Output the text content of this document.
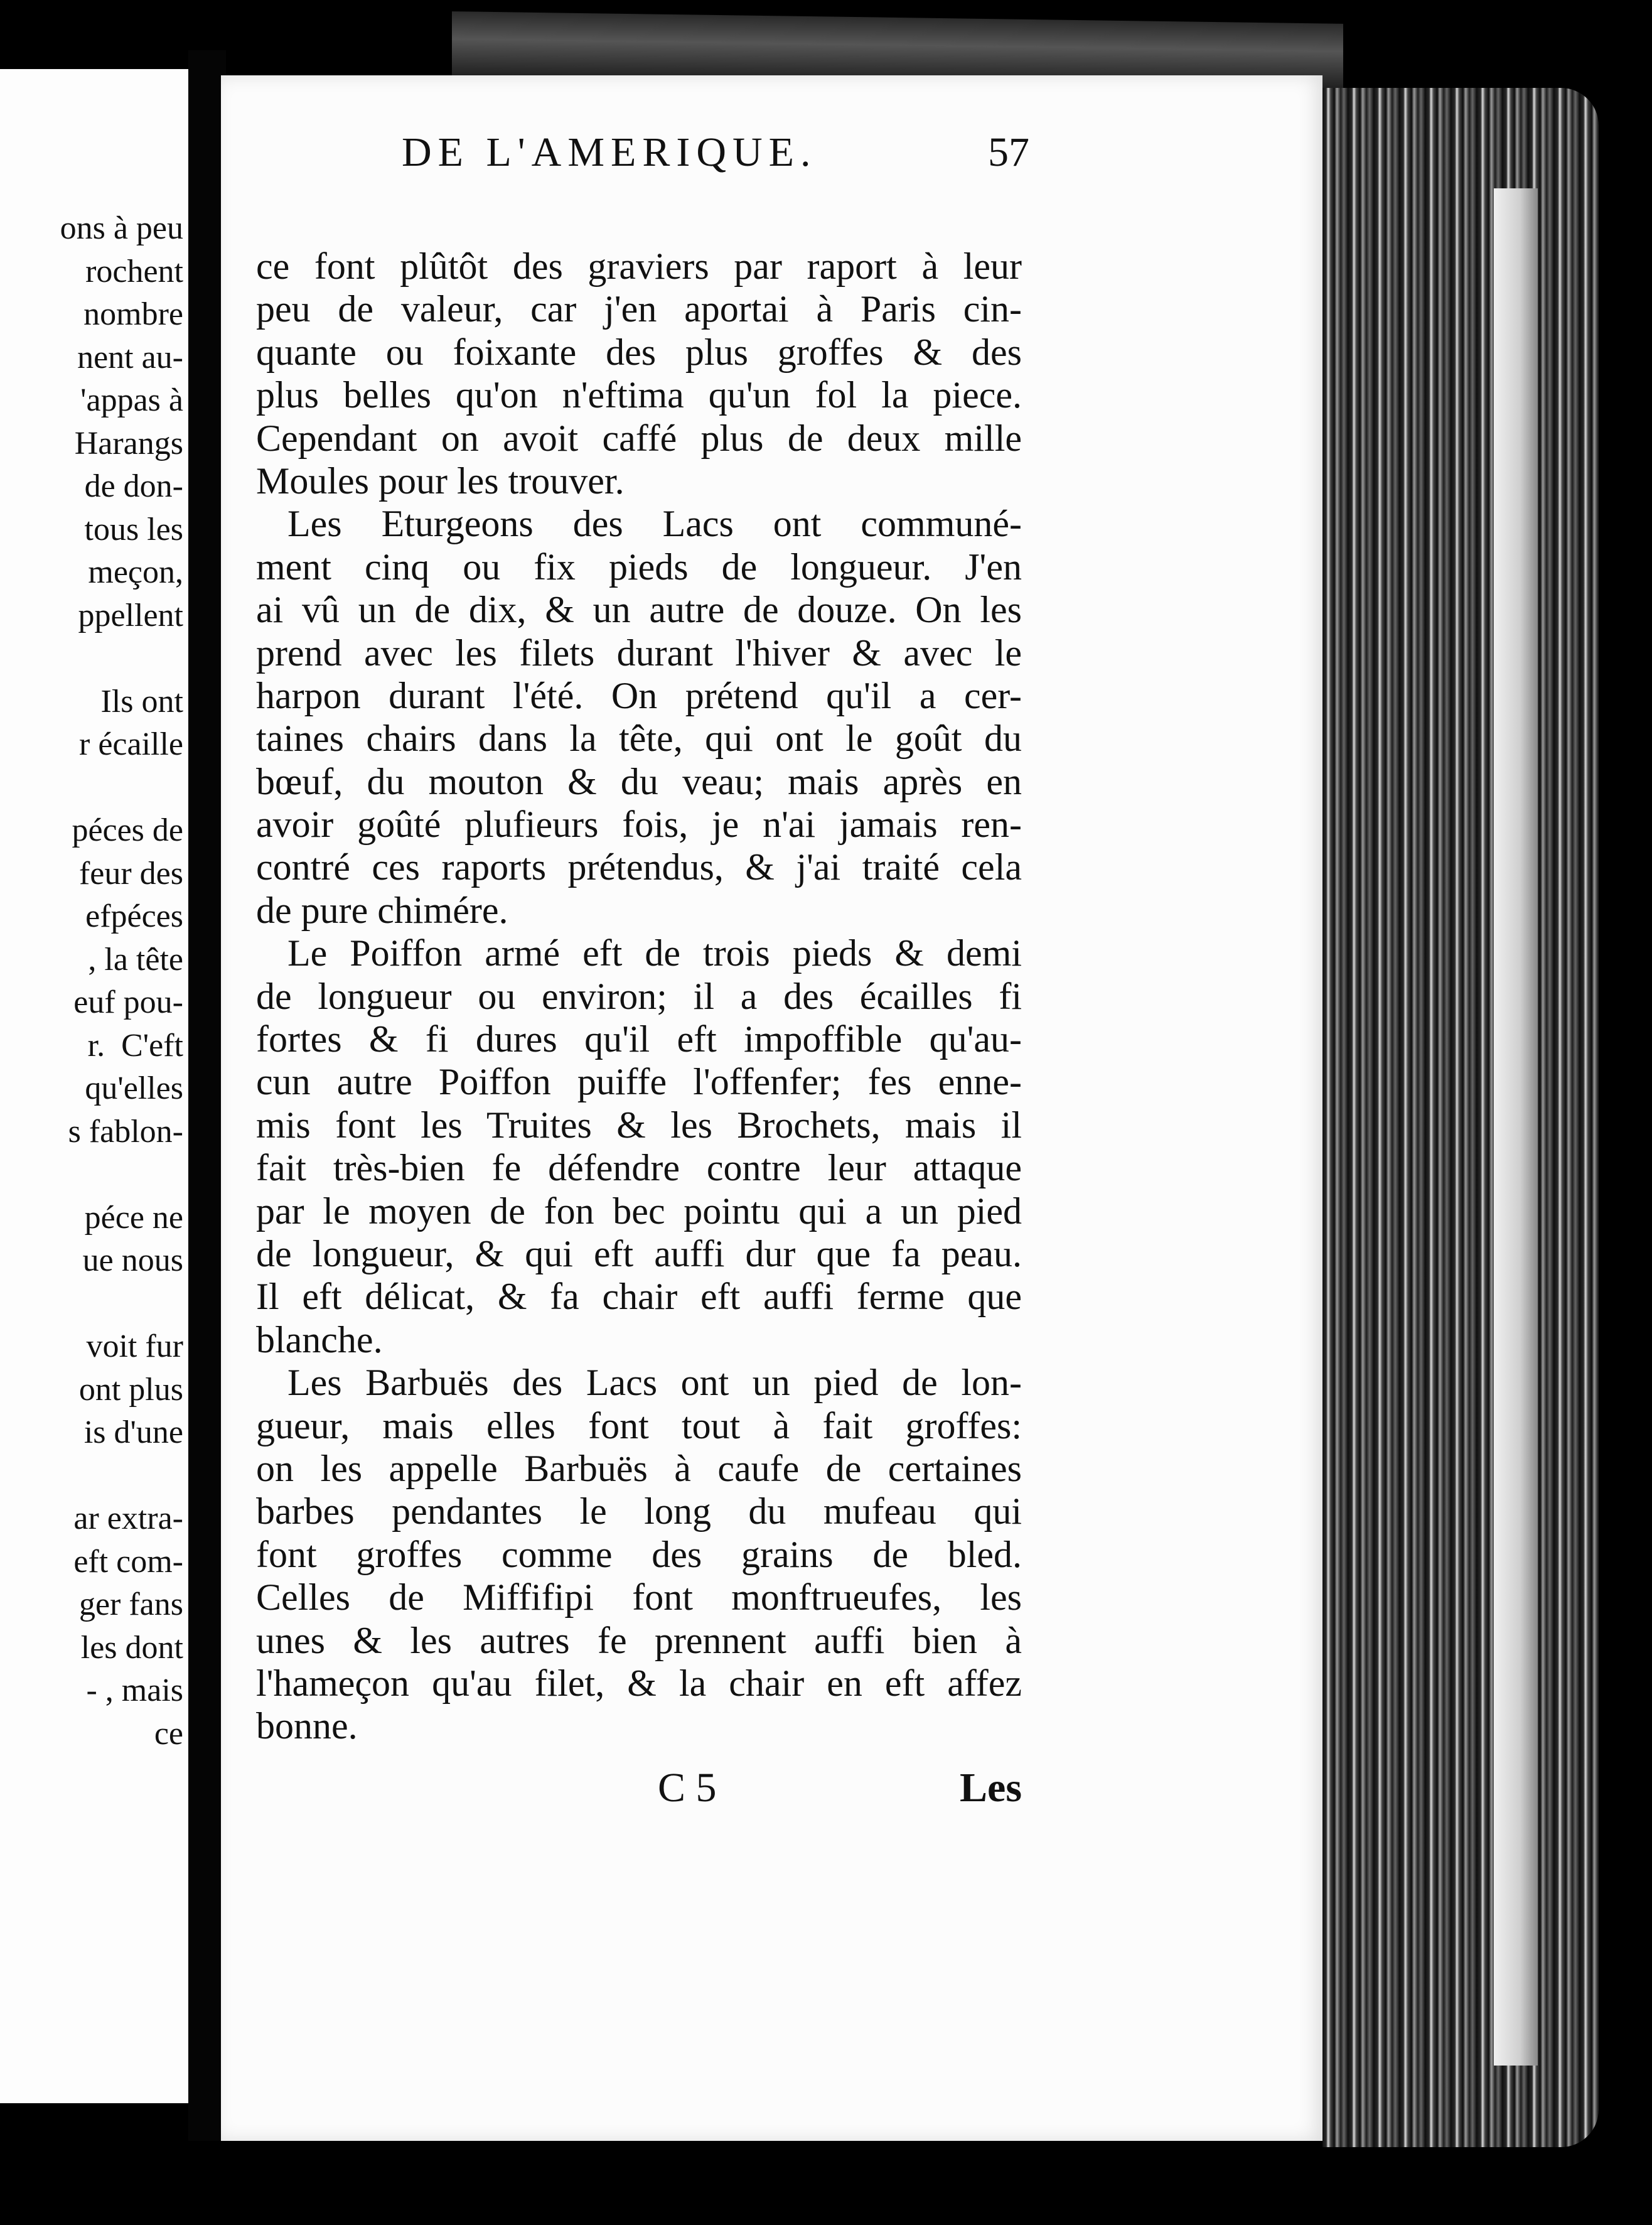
ons à peu
rochent
nombre
nent au-
'appas à
Harangs
de don-
tous les
meçon,
ppellent

Ils ont
r écaille

péces de
feur des
efpéces
, la tête
euf pou-
r.  C'eft
qu'elles
s fablon-

péce ne
ue nous

voit fur
ont plus
is d'une

ar extra-
eft com-
ger fans
les dont
- , mais
ce
DE L'AMERIQUE.	57
ce font plûtôt des graviers par raport à leur
peu de valeur, car j'en aportai à Paris cin-
quante ou foixante des plus groffes & des
plus belles qu'on n'eftima qu'un fol la piece.
Cependant on avoit caffé plus de deux mille
Moules pour les trouver.
Les Eturgeons des Lacs ont communé-
ment cinq ou fix pieds de longueur. J'en
ai vû un de dix, & un autre de douze. On les
prend avec les filets durant l'hiver & avec le
harpon durant l'été. On prétend qu'il a cer-
taines chairs dans la tête, qui ont le goût du
bœuf, du mouton & du veau; mais après en
avoir goûté plufieurs fois, je n'ai jamais ren-
contré ces raports prétendus, & j'ai traité cela
de pure chimére.
Le Poiffon armé eft de trois pieds & demi
de longueur ou environ; il a des écailles fi
fortes & fi dures qu'il eft impoffible qu'au-
cun autre Poiffon puiffe l'offenfer; fes enne-
mis font les Truites & les Brochets, mais il
fait très-bien fe défendre contre leur attaque
par le moyen de fon bec pointu qui a un pied
de longueur, & qui eft auffi dur que fa peau.
Il eft délicat, & fa chair eft auffi ferme que
blanche.
Les Barbuës des Lacs ont un pied de lon-
gueur, mais elles font tout à fait groffes:
on les appelle Barbuës à caufe de certaines
barbes pendantes le long du mufeau qui
font groffes comme des grains de bled.
Celles de Miffifipi font monftrueufes, les
unes & les autres fe prennent auffi bien à
l'hameçon qu'au filet, & la chair en eft affez
bonne.
C 5	Les
